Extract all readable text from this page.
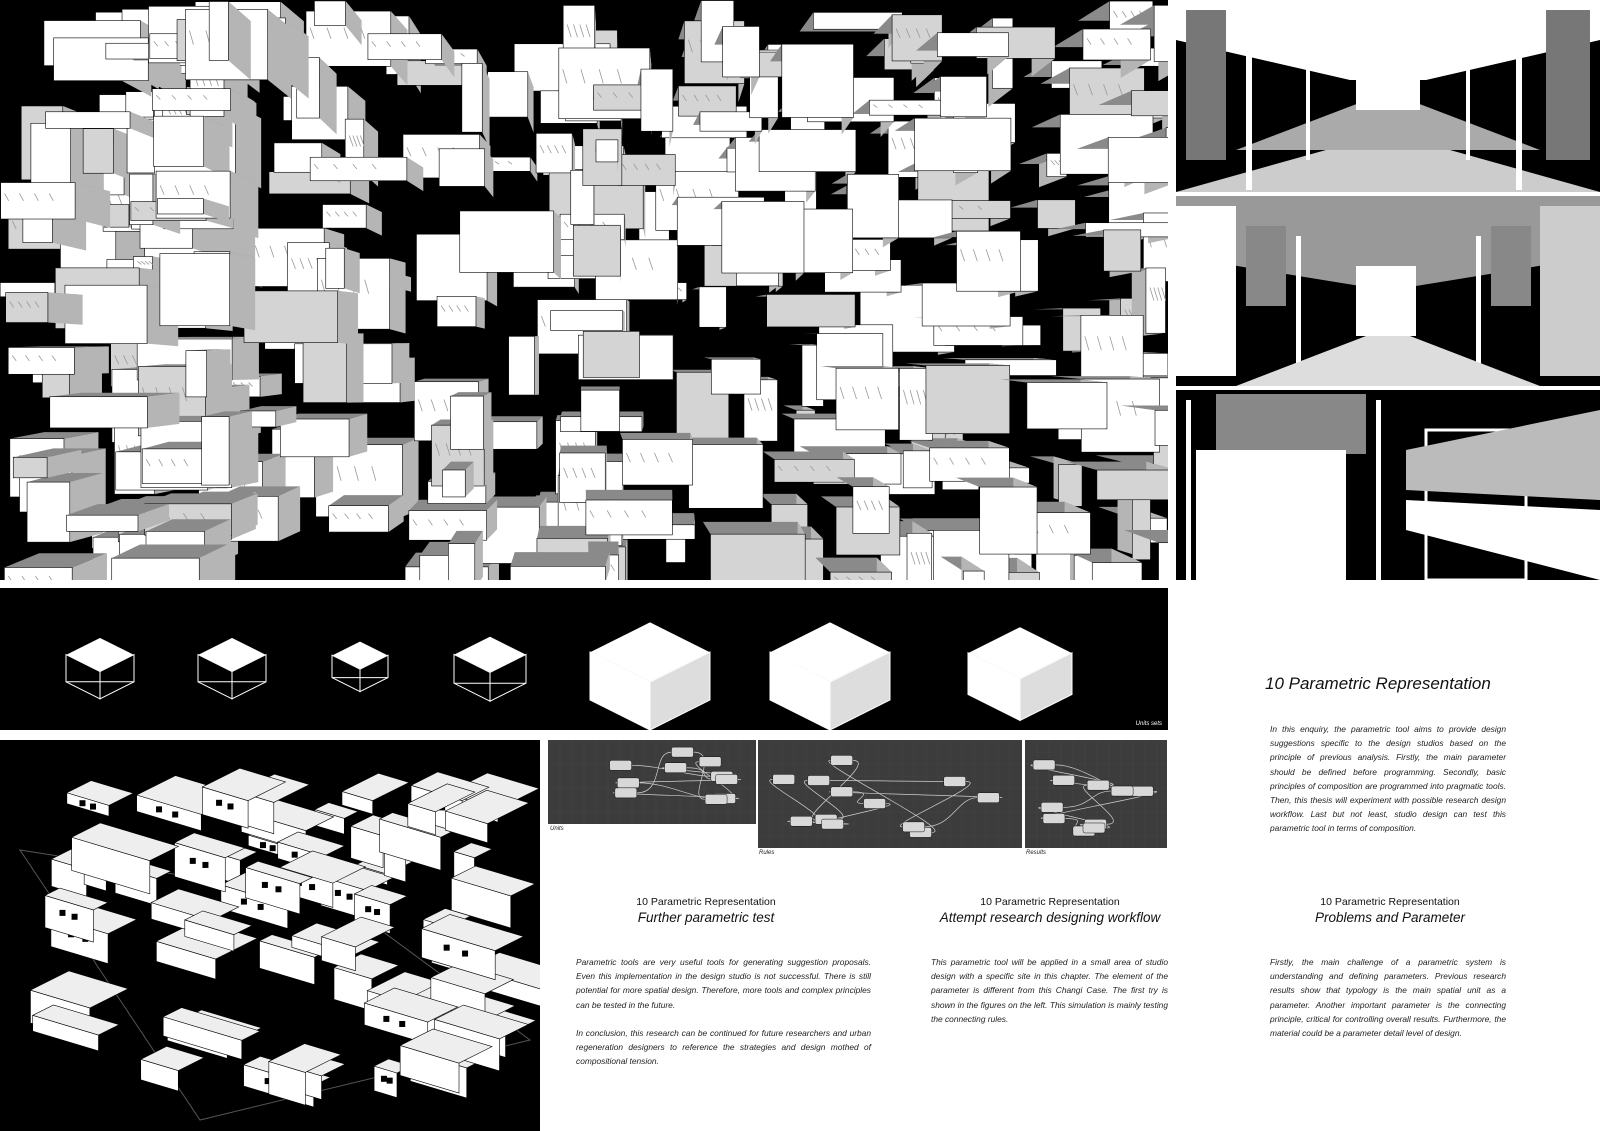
Units sets
Units
Rules	Results
10 Parametric Representation

In this enquiry, the parametric tool aims to provide design suggestions specific to the design studios based on the principle of previous analysis. Firstly, the main parameter should be defined before programming. Secondly, basic principles of composition are programmed into pragmatic tools. Then, this thesis will experiment with possible research design workflow. Last but not least, studio design can test this parametric tool in terms of composition.

10 Parametric Representation
Further parametric test

Parametric tools are very useful tools for generating suggestion proposals. Even this implementation in the design studio is not successful. There is still potential for more spatial design. Therefore, more tools and complex principles can be tested in the future.

In conclusion, this research can be continued for future researchers and urban regeneration designers to reference the strategies and design mothed of compositional tension.

10 Parametric Representation
Attempt research designing workflow

This parametric tool will be applied in a small area of studio design with a specific site in this chapter. The element of the parameter is different from this Changi Case. The first try is shown in the figures on the left. This simulation is mainly testing the connecting rules.

10 Parametric Representation
Problems and Parameter

Firstly, the main challenge of a parametric system is understanding and defining parameters. Previous research results show that typology is the main spatial unit as a parameter. Another important parameter is the connecting principle, critical for controlling overall results. Furthermore, the material could be a parameter detail level of design.
